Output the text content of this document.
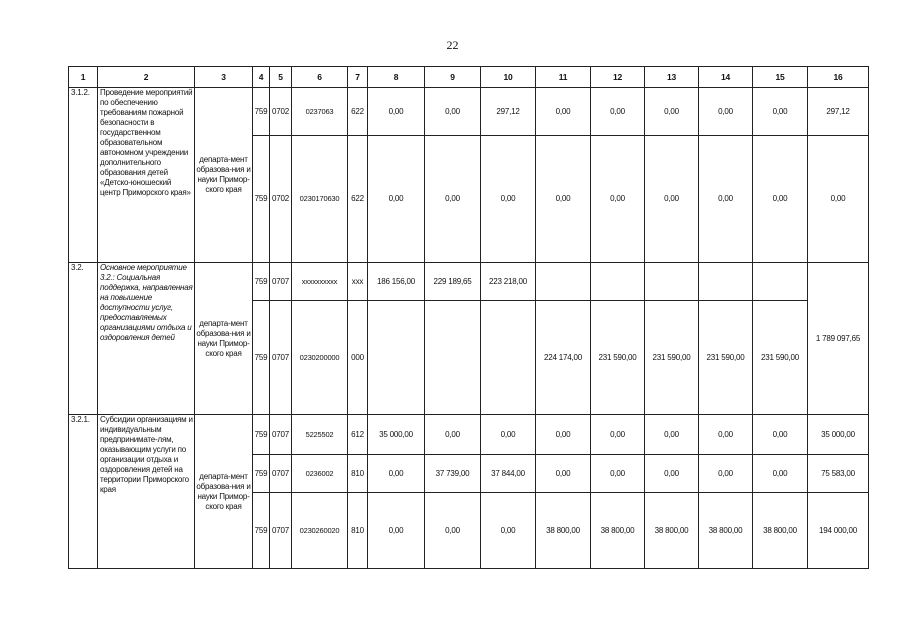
22
1	2	3	4	5	6	7	8	9	10	11	12	13	14	15	16
3.1.2.	Проведение мероприятий по обеспечению требованиям пожарной безопасности в государственном образовательном автономном учреждении дополнительного образования детей «Детско-юношеский центр Приморского края»	департа-мент образова-ния и науки Примор-ского края	759	0702	0237063	622	0,00	0,00	297,12	0,00	0,00	0,00	0,00	0,00	297,12
			759	0702	0230170630	622	0,00	0,00	0,00	0,00	0,00	0,00	0,00	0,00	0,00
3.2.	Основное мероприятие 3.2.: Социальная поддержка, направленная на повышение доступности услуг, предоставляемых организациями отдыха и оздоровления детей	департа-мент образова-ния и науки Примор-ского края	759	0707	xxxxxxxxxx	xxx	186 156,00	229 189,65	223 218,00						1 789 097,65
			759	0707	0230200000	000				224 174,00	231 590,00	231 590,00	231 590,00	231 590,00	
3.2.1.	Субсидии организациям и индивидуальным предпринимате-лям, оказывающим услуги по организации отдыха и оздоровления детей на территории Приморского края	департа-мент образова-ния и науки Примор-ского края	759	0707	5225502	612	35 000,00	0,00	0,00	0,00	0,00	0,00	0,00	0,00	35 000,00
			759	0707	0236002	810	0,00	37 739,00	37 844,00	0,00	0,00	0,00	0,00	0,00	75 583,00
			759	0707	0230260020	810	0,00	0,00	0,00	38 800,00	38 800,00	38 800,00	38 800,00	38 800,00	194 000,00
